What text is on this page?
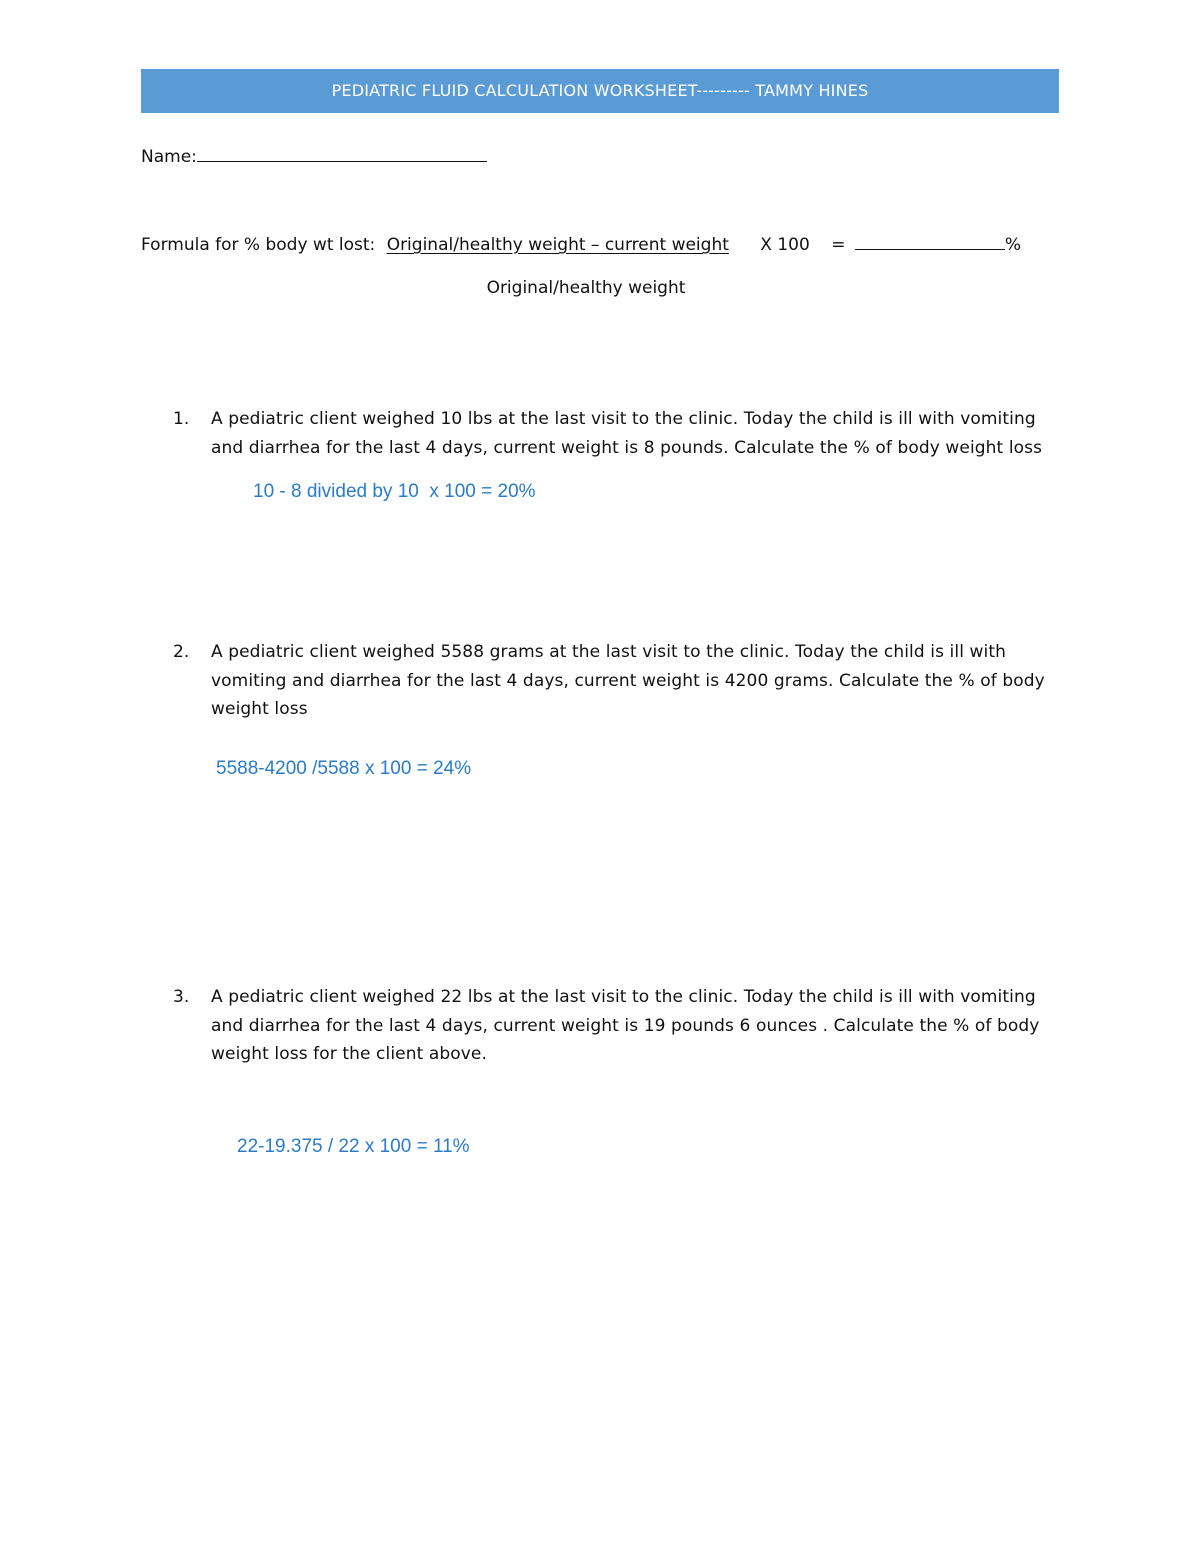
PEDIATRIC FLUID CALCULATION WORKSHEET--------- TAMMY HINES
Name:
Formula for % body wt lost: Original/healthy weight – current weight X 100 =	%
Original/healthy weight
1.	A pediatric client weighed 10 lbs at the last visit to the clinic. Today the child is ill with vomiting and diarrhea for the last 4 days, current weight is 8 pounds. Calculate the % of body weight loss
10 - 8 divided by 10  x 100 = 20%
2.	A pediatric client weighed 5588 grams at the last visit to the clinic. Today the child is ill with vomiting and diarrhea for the last 4 days, current weight is 4200 grams. Calculate the % of body weight loss
5588-4200 /5588 x 100 = 24%
3.	A pediatric client weighed 22 lbs at the last visit to the clinic. Today the child is ill with vomiting and diarrhea for the last 4 days, current weight is 19 pounds 6 ounces . Calculate the % of body weight loss for the client above.
22-19.375 / 22 x 100 = 11%
